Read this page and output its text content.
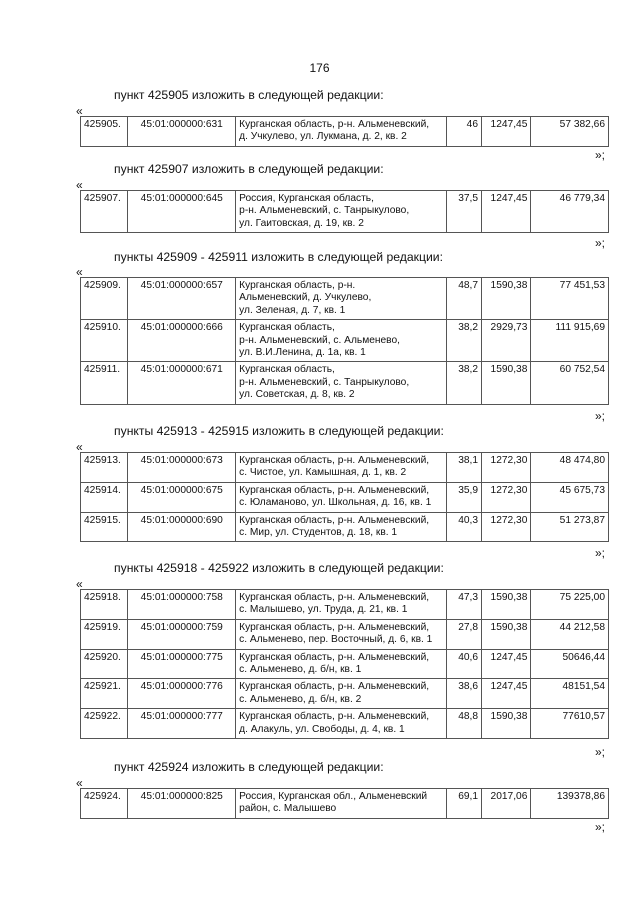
176
пункт 425905 изложить в следующей редакции:
«
425905.	45:01:000000:631	Курганская область, р-н. Альменевский,
д. Учкулево, ул. Лукмана, д. 2, кв. 2
	46	1247,45	57 382,66
»;
пункт 425907 изложить в следующей редакции:
«
425907.	45:01:000000:645	Россия, Курганская область,
р-н. Альменевский, с. Танрыкулово,
ул. Гаитовская, д. 19, кв. 2
	37,5	1247,45	46 779,34
»;
пункты 425909 - 425911 изложить в следующей редакции:
«
425909.	45:01:000000:657	Курганская область, р-н.
Альменевский, д. Учкулево,
ул. Зеленая, д. 7, кв. 1	48,7	1590,38	77 451,53
425910.	45:01:000000:666	Курганская область,
р-н. Альменевский, с. Альменево,
ул. В.И.Ленина, д. 1а, кв. 1	38,2	2929,73	111 915,69
425911.	45:01:000000:671	Курганская область,
р-н. Альменевский, с. Танрыкулово,
ул. Советская, д. 8, кв. 2	38,2	1590,38	60 752,54
»;
пункты 425913 - 425915 изложить в следующей редакции:
«
425913.	45:01:000000:673	Курганская область, р-н. Альменевский,
с. Чистое, ул. Камышная, д. 1, кв. 2	38,1	1272,30	48 474,80
425914.	45:01:000000:675	Курганская область, р-н. Альменевский,
с. Юламаново, ул. Школьная, д. 16, кв. 1	35,9	1272,30	45 675,73
425915.	45:01:000000:690	Курганская область, р-н. Альменевский,
с. Мир, ул. Студентов, д. 18, кв. 1	40,3	1272,30	51 273,87
»;
пункты 425918 - 425922 изложить в следующей редакции:
«
425918.	45:01:000000:758	Курганская область, р-н. Альменевский,
с. Малышево, ул. Труда, д. 21, кв. 1	47,3	1590,38	75 225,00
425919.	45:01:000000:759	Курганская область, р-н. Альменевский,
с. Альменево, пер. Восточный, д. 6, кв. 1	27,8	1590,38	44 212,58
425920.	45:01:000000:775	Курганская область, р-н. Альменевский,
с. Альменево, д. б/н, кв. 1	40,6	1247,45	50646,44
425921.	45:01:000000:776	Курганская область, р-н. Альменевский,
с. Альменево, д. б/н, кв. 2	38,6	1247,45	48151,54
425922.	45:01:000000:777	Курганская область, р-н. Альменевский,
д. Алакуль, ул. Свободы, д. 4, кв. 1	48,8	1590,38	77610,57
»;
пункт 425924 изложить в следующей редакции:
«
425924.	45:01:000000:825	Россия, Курганская обл., Альменевский
район, с. Малышево
	69,1	2017,06	139378,86
»;
